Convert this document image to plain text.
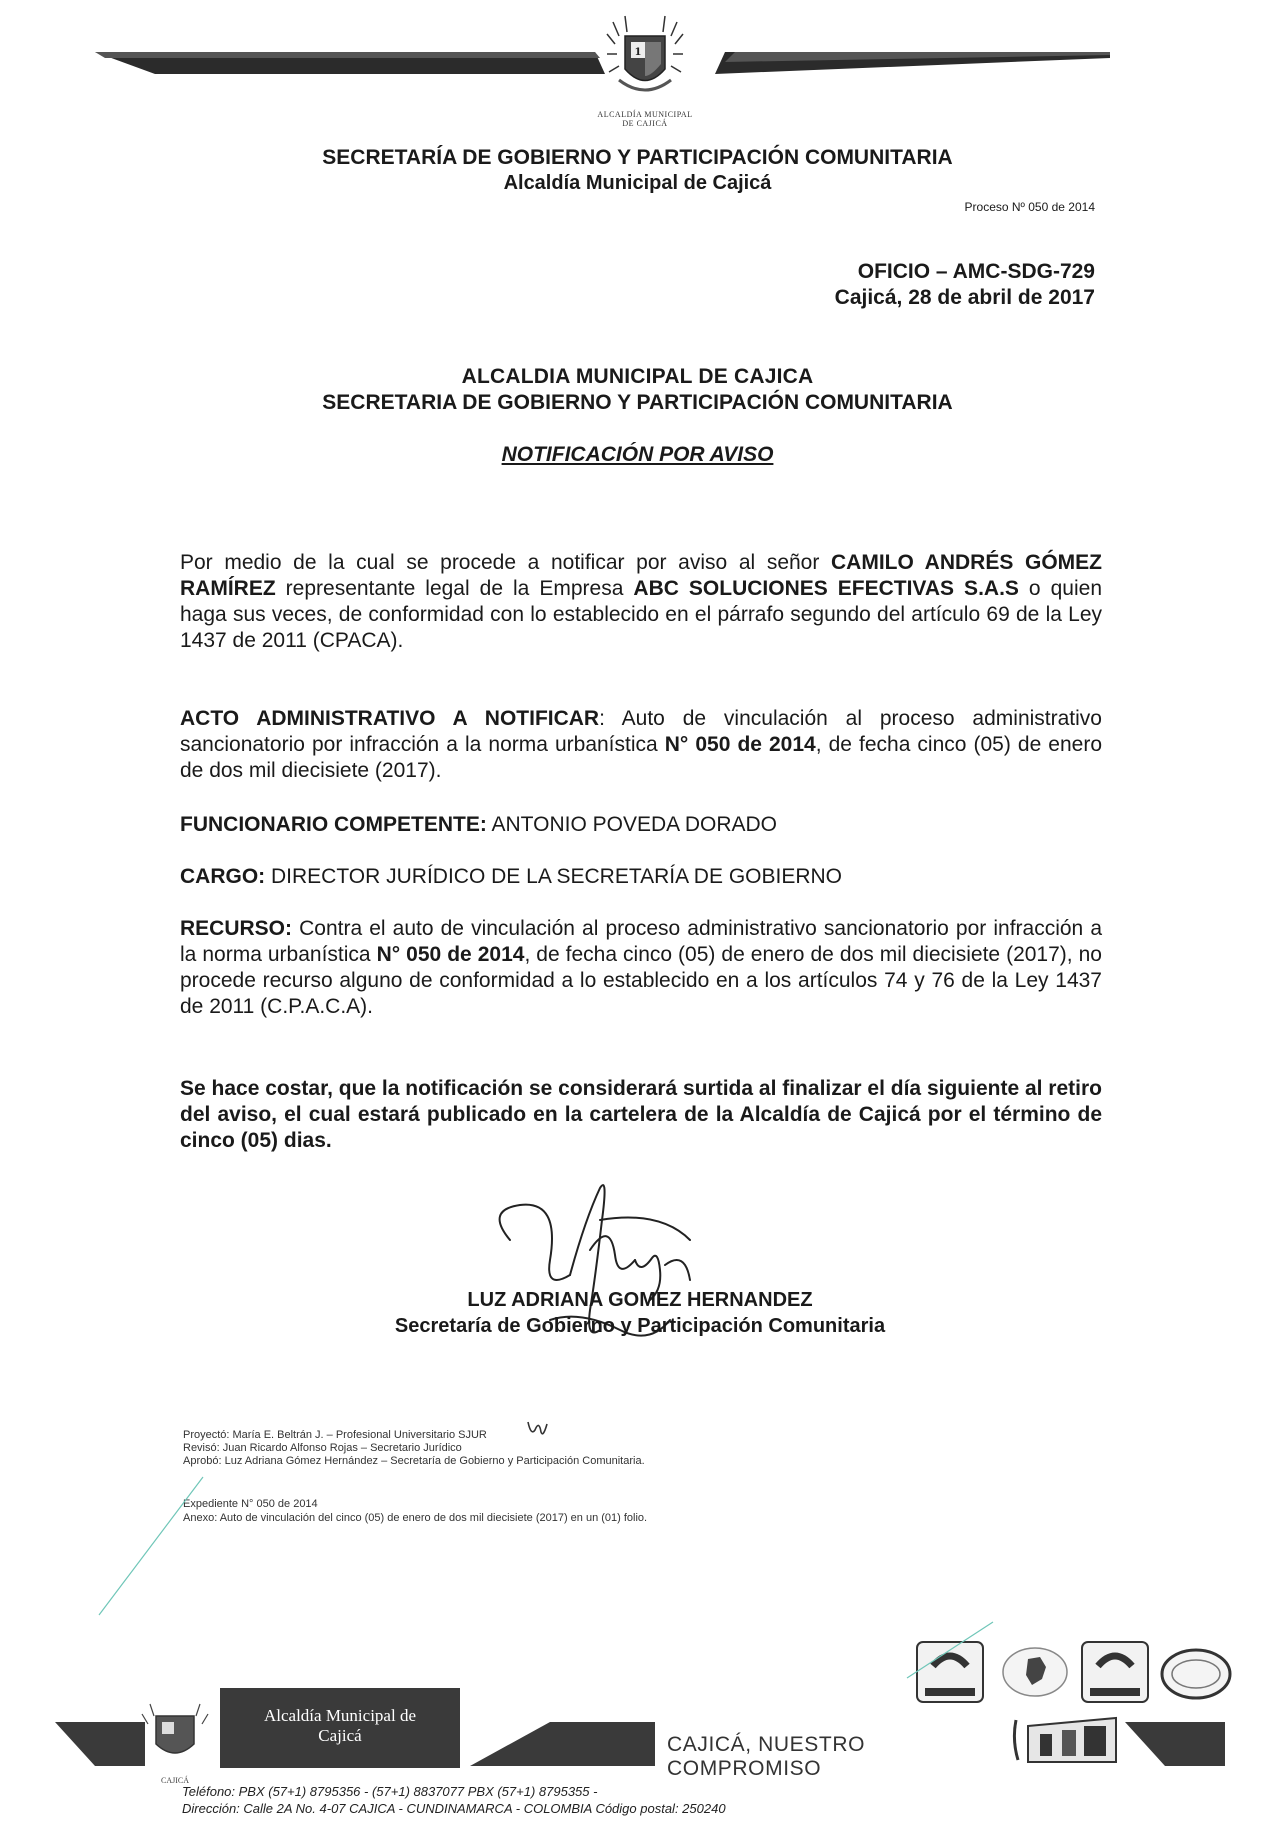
1
ALCALDÍA MUNICIPAL
DE CAJICÁ
SECRETARÍA DE GOBIERNO Y PARTICIPACIÓN COMUNITARIA
Alcaldía Municipal de Cajicá
Proceso Nº 050 de 2014
OFICIO – AMC-SDG-729
Cajicá, 28 de abril de 2017
ALCALDIA MUNICIPAL DE CAJICA
SECRETARIA DE GOBIERNO Y PARTICIPACIÓN COMUNITARIA
NOTIFICACIÓN POR AVISO
Por medio de la cual se procede a notificar por aviso al señor CAMILO ANDRÉS GÓMEZ RAMÍREZ representante legal de la Empresa ABC SOLUCIONES EFECTIVAS S.A.S o quien haga sus veces, de conformidad con lo establecido en el párrafo segundo del artículo 69 de la Ley 1437 de 2011 (CPACA).
ACTO ADMINISTRATIVO A NOTIFICAR: Auto de vinculación al proceso administrativo sancionatorio por infracción a la norma urbanística N° 050 de 2014, de fecha cinco (05) de enero de dos mil diecisiete (2017).
FUNCIONARIO COMPETENTE: ANTONIO POVEDA DORADO
CARGO: DIRECTOR JURÍDICO DE LA SECRETARÍA DE GOBIERNO
RECURSO: Contra el auto de vinculación al proceso administrativo sancionatorio por infracción a la norma urbanística N° 050 de 2014, de fecha cinco (05) de enero de dos mil diecisiete (2017), no procede recurso alguno de conformidad a lo establecido en a los artículos 74 y 76 de la Ley 1437 de 2011 (C.P.A.C.A).
Se hace costar, que la notificación se considerará surtida al finalizar el día siguiente al retiro del aviso, el cual estará publicado en la cartelera de la Alcaldía de Cajicá por el término de cinco (05) dias.
LUZ ADRIANA GOMEZ HERNANDEZ
Secretaría de Gobierno y Participación Comunitaria
Proyectó: María E. Beltrán J. – Profesional Universitario SJUR
Revisó: Juan Ricardo Alfonso Rojas – Secretario Jurídico
Aprobó: Luz Adriana Gómez Hernández – Secretaría de Gobierno y Participación Comunitaria.
Expediente N° 050 de 2014
Anexo: Auto de vinculación del cinco (05) de enero de dos mil diecisiete (2017) en un (01) folio.
CAJICÁ
Alcaldía Municipal de
Cajicá	CAJICÁ, NUESTRO COMPROMISO
Teléfono: PBX (57+1) 8795356 - (57+1) 8837077 PBX (57+1) 8795355 -
Dirección: Calle 2A No. 4-07 CAJICA - CUNDINAMARCA - COLOMBIA Código postal: 250240
